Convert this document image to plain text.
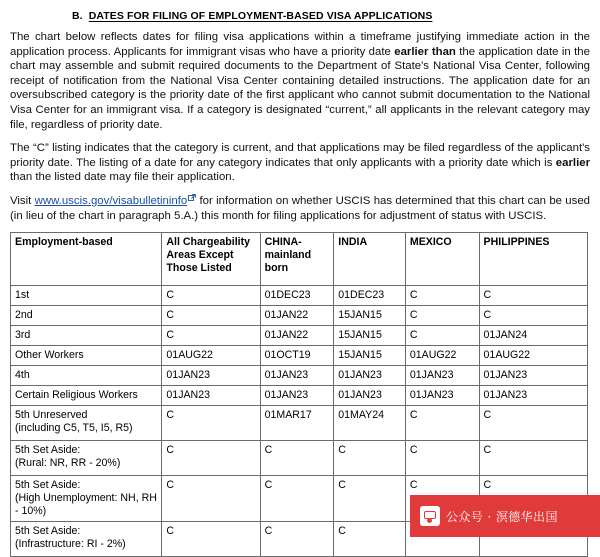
B. DATES FOR FILING OF EMPLOYMENT-BASED VISA APPLICATIONS

The chart below reflects dates for filing visa applications within a timeframe justifying immediate action in the application process. Applicants for immigrant visas who have a priority date earlier than the application date in the chart may assemble and submit required documents to the Department of State's National Visa Center, following receipt of notification from the National Visa Center containing detailed instructions. The application date for an oversubscribed category is the priority date of the first applicant who cannot submit documentation to the National Visa Center for an immigrant visa. If a category is designated “current,” all applicants in the relevant category may file, regardless of priority date.

The “C” listing indicates that the category is current, and that applications may be filed regardless of the applicant's priority date. The listing of a date for any category indicates that only applicants with a priority date which is earlier than the listed date may file their application.

Visit www.uscis.gov/visabulletininfo
for information on whether USCIS has determined that this chart can be used (in lieu of the chart in paragraph 5.A.) this month for filing applications for adjustment of status with USCIS.

Employment-based	All Chargeability Areas Except Those Listed	CHINA-mainland born	INDIA	MEXICO	PHILIPPINES

1st	C	01DEC23	01DEC23	C	C

2nd	C	01JAN22	15JAN15	C	C

3rd	C	01JAN22	15JAN15	C	01JAN24

Other Workers	01AUG22	01OCT19	15JAN15	01AUG22	01AUG22

4th	01JAN23	01JAN23	01JAN23	01JAN23	01JAN23

Certain Religious Workers	01JAN23	01JAN23	01JAN23	01JAN23	01JAN23

5th Unreserved
(including C5, T5, I5, R5)	C	01MAR17	01MAY24	C	C

5th Set Aside:
(Rural: NR, RR - 20%)	C	C	C	C	C

5th Set Aside:
(High Unemployment: NH, RH - 10%)	C	C	C	C	C

5th Set Aside:
(Infrastructure: RI - 2%)	C	C	C		
公众号 · 溟德华出国
